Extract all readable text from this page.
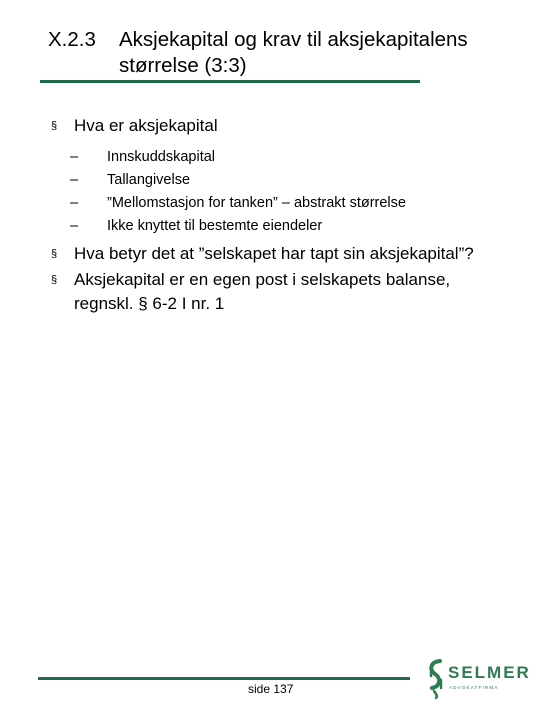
X.2.3	Aksjekapital og krav til aksjekapitalens størrelse (3:3)
§ Hva er aksjekapital
–	Innskuddskapital
–	Tallangivelse
–	”Mellomstasjon for tanken” – abstrakt størrelse
–	Ikke knyttet til bestemte eiendeler
§ Hva betyr det at ”selskapet har tapt sin aksjekapital”?
§ Aksjekapital er en egen post i selskapets balanse, regnskl. § 6-2 I nr. 1
side 137
SELMER
ADVOKATFIRMA
